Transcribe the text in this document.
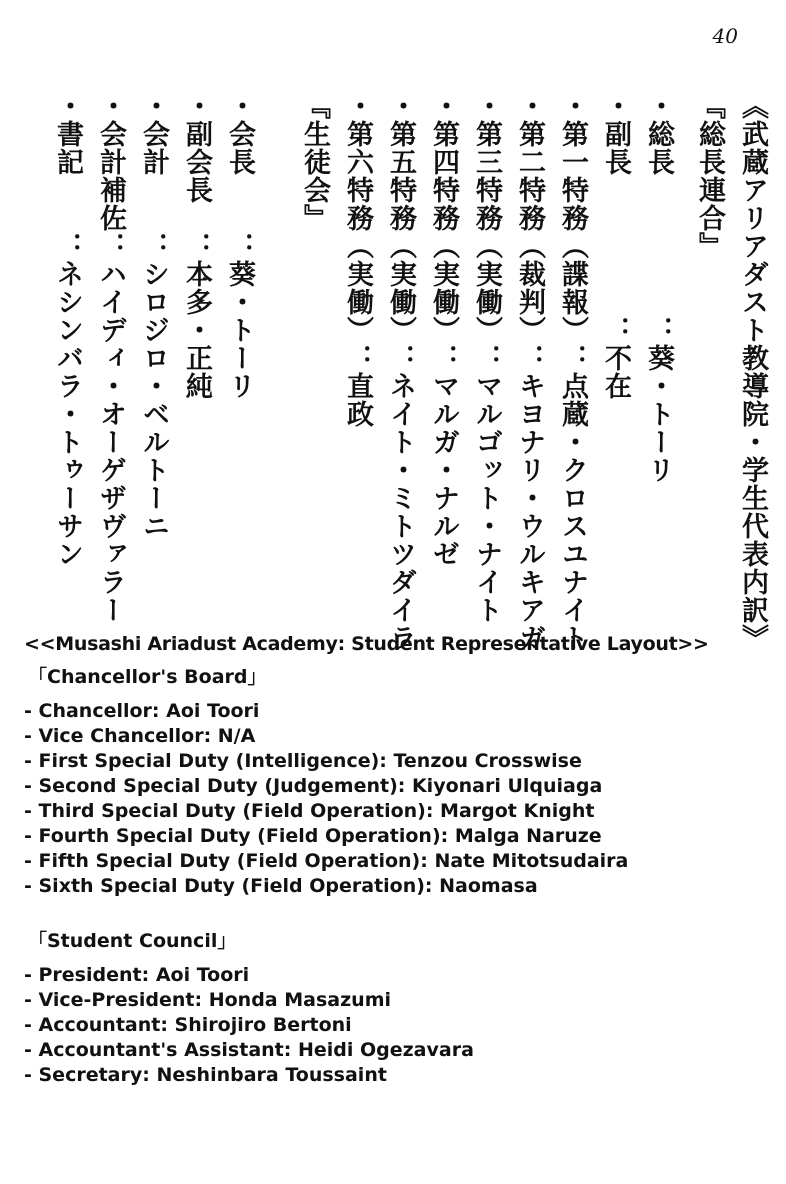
40
《武蔵アリアダスト教導院・学生代表内訳》
『総長連合』
・総長　　　　　：葵・トーリ
・副長　　　　　：不在
・第一特務（諜報）：点蔵・クロスユナイト
・第二特務（裁判）：キヨナリ・ウルキアガ
・第三特務（実働）：マルゴット・ナイト
・第四特務（実働）：マルガ・ナルゼ
・第五特務（実働）：ネイト・ミトツダイラ
・第六特務（実働）：直政
『生徒会』
・会長　　：葵・トーリ
・副会長　：本多・正純
・会計　　：シロジロ・ベルトーニ
・会計補佐：ハイディ・オーゲザヴァラー
・書記　　：ネシンバラ・トゥーサン
<<Musashi Ariadust Academy: Student Representative Layout>>
「Chancellor's Board」
- Chancellor: Aoi Toori
- Vice Chancellor: N/A
- First Special Duty (Intelligence): Tenzou Crosswise
- Second Special Duty (Judgement): Kiyonari Ulquiaga
- Third Special Duty (Field Operation): Margot Knight
- Fourth Special Duty (Field Operation): Malga Naruze
- Fifth Special Duty (Field Operation): Nate Mitotsudaira
- Sixth Special Duty (Field Operation): Naomasa
「Student Council」
- President: Aoi Toori
- Vice-President: Honda Masazumi
- Accountant: Shirojiro Bertoni
- Accountant's Assistant: Heidi Ogezavara
- Secretary: Neshinbara Toussaint
